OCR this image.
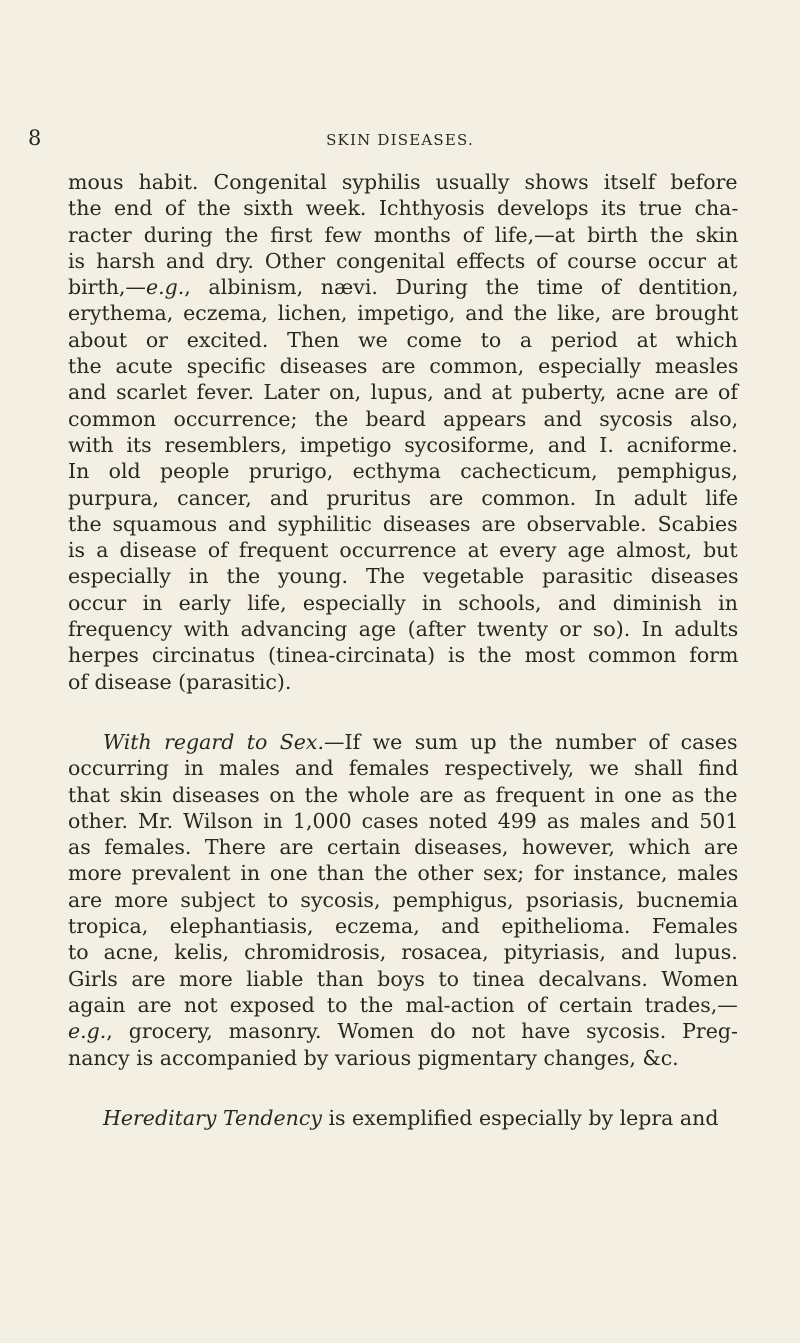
8	SKIN DISEASES.
mous habit. Congenital syphilis usually shows itself before
the end of the sixth week. Ichthyosis develops its true cha-
racter during the first few months of life,—at birth the skin
is harsh and dry. Other congenital effects of course occur at
birth,—e.g., albinism, nævi. During the time of dentition,
erythema, eczema, lichen, impetigo, and the like, are brought
about or excited. Then we come to a period at which
the acute specific diseases are common, especially measles
and scarlet fever. Later on, lupus, and at puberty, acne are of
common occurrence; the beard appears and sycosis also,
with its resemblers, impetigo sycosiforme, and I. acniforme.
In old people prurigo, ecthyma cachecticum, pemphigus,
purpura, cancer, and pruritus are common. In adult life
the squamous and syphilitic diseases are observable. Scabies
is a disease of frequent occurrence at every age almost, but
especially in the young. The vegetable parasitic diseases
occur in early life, especially in schools, and diminish in
frequency with advancing age (after twenty or so). In adults
herpes circinatus (tinea-circinata) is the most common form
of disease (parasitic).
With regard to Sex.—If we sum up the number of cases
occurring in males and females respectively, we shall find
that skin diseases on the whole are as frequent in one as the
other. Mr. Wilson in 1,000 cases noted 499 as males and 501
as females. There are certain diseases, however, which are
more prevalent in one than the other sex; for instance, males
are more subject to sycosis, pemphigus, psoriasis, bucnemia
tropica, elephantiasis, eczema, and epithelioma. Females
to acne, kelis, chromidrosis, rosacea, pityriasis, and lupus.
Girls are more liable than boys to tinea decalvans. Women
again are not exposed to the mal-action of certain trades,—
e.g., grocery, masonry. Women do not have sycosis. Preg-
nancy is accompanied by various pigmentary changes, &c.
Hereditary Tendency is exemplified especially by lepra and
